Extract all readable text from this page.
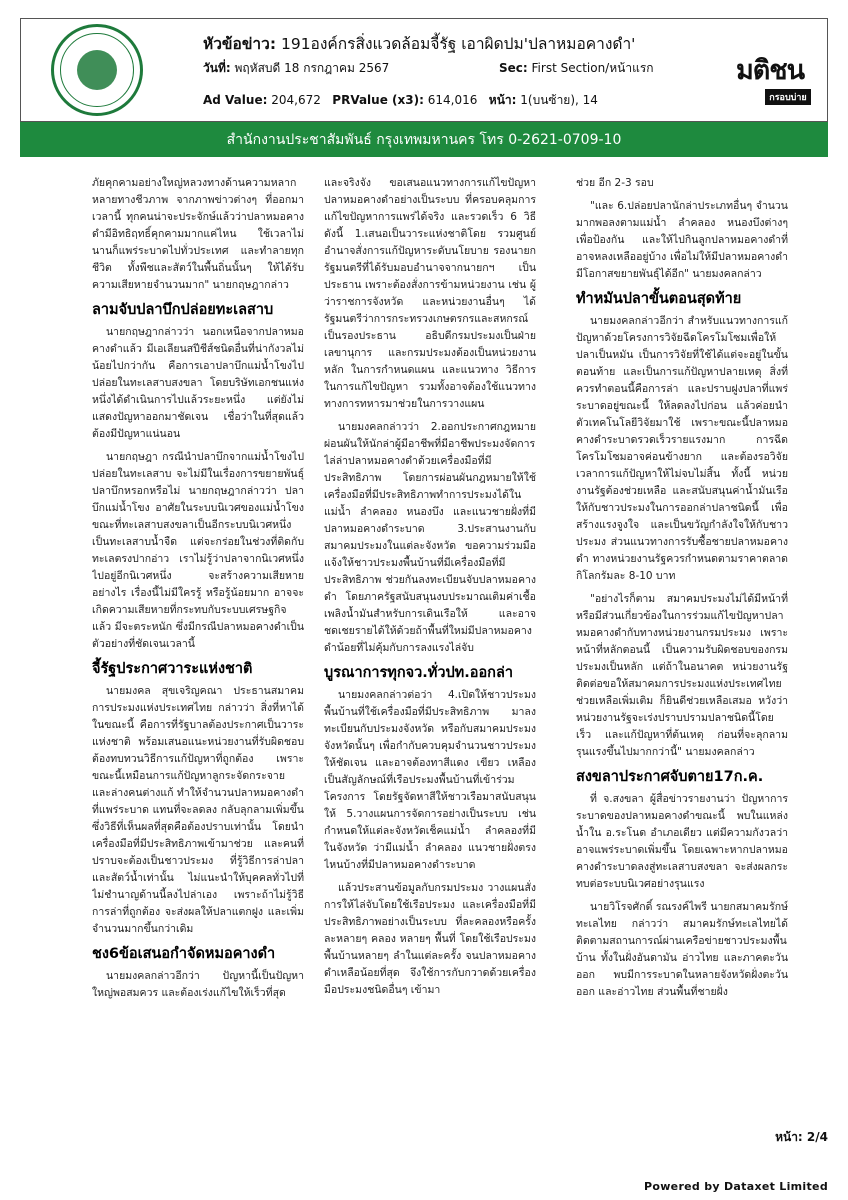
หัวข้อข่าว: 191องค์กรสิ่งแวดล้อมจี้รัฐ เอาผิดปม'ปลาหมอคางดำ'
วันที่: พฤหัสบดี 18 กรกฎาคม 2567	Sec: First Section/หน้าแรก
Ad Value: 204,672 PRValue (x3): 614,016 หน้า: 1(บนซ้าย), 14
มติชน
กรอบบ่าย
สำนักงานประชาสัมพันธ์ กรุงเทพมหานคร โทร 0-2621-0709-10
ภัยคุกคามอย่างใหญ่หลวงทางด้านความหลากหลายทางชีวภาพ จากภาพข่าวต่างๆ ที่ออกมาเวลานี้ ทุกคนน่าจะประจักษ์แล้วว่าปลาหมอคางดำมีอิทธิฤทธิ์คุกคามมากแค่ไหน ใช้เวลาไม่นานก็แพร่ระบาดไปทั่วประเทศ และทำลายทุกชีวิต ทั้งพืชและสัตว์ในพื้นถิ่นนั้นๆ ให้ได้รับความเสียหายจำนวนมาก" นายกฤษฎากล่าว
ลามจับปลาบึกปล่อยทะเลสาบ
นายกฤษฎากล่าวว่า นอกเหนือจากปลาหมอคางดำแล้ว มีเอเลียนสปีชีส์ชนิดอื่นที่น่ากังวลไม่น้อยไปกว่ากัน คือการเอาปลาบึกแม่น้ำโขงไปปล่อยในทะเลสาบสงขลา โดยบริษัทเอกชนแห่งหนึ่งได้ดำเนินการไปแล้วระยะหนึ่ง แต่ยังไม่แสดงปัญหาออกมาชัดเจน เชื่อว่าในที่สุดแล้วต้องมีปัญหาแน่นอน
นายกฤษฎา กรณีนำปลาบึกจากแม่น้ำโขงไปปล่อยในทะเลสาบ จะไม่มีในเรื่องการขยายพันธุ์ปลาบึกหรอกหรือไม่ นายกฤษฎากล่าวว่า ปลาบึกแม่น้ำโขง อาศัยในระบบนิเวศของแม่น้ำโขง ขณะที่ทะเลสาบสงขลาเป็นอีกระบบนิเวศหนึ่ง เป็นทะเลสาบน้ำจืด แต่จะกร่อยในช่วงที่ติดกับทะเลตรงปากอ่าว เราไม่รู้ว่าปลาจากนิเวศหนึ่งไปอยู่อีกนิเวศหนึ่ง จะสร้างความเสียหายอย่างไร เรื่องนี้ไม่มีใครรู้ หรือรู้น้อยมาก อาจจะเกิดความเสียหายที่กระทบกับระบบเศรษฐกิจแล้ว มีจะตระหนัก ซึ่งมีกรณีปลาหมอคางดำเป็นตัวอย่างที่ชัดเจนเวลานี้
จี้รัฐประกาศวาระแห่งชาติ
นายมงคล สุขเจริญคณา ประธานสมาคมการประมงแห่งประเทศไทย กล่าวว่า สิ่งที่หาได้ในขณะนี้ คือการที่รัฐบาลต้องประกาศเป็นวาระแห่งชาติ พร้อมเสนอแนะหน่วยงานที่รับผิดชอบ ต้องทบทวนวิธีการแก้ปัญหาที่ถูกต้อง เพราะขณะนี้เหมือนการแก้ปัญหาลูกระจัดกระจาย และล่างคนต่างแก้ ทำให้จำนวนปลาหมอคางดำที่แพร่ระบาด แทนที่จะลดลง กลับลุกลามเพิ่มขึ้น ซึ่งวิธีที่เห็นผลที่สุดคือต้องปราบเท่านั้น โดยนำเครื่องมือที่มีประสิทธิภาพเข้ามาช่วย และคนที่ปราบจะต้องเป็นชาวประมง ที่รู้วิธีการล่าปลา และสัตว์น้ำเท่านั้น ไม่แนะนำให้บุคคลทั่วไปที่ไม่ชำนาญด้านนี้ลงไปล่าเอง เพราะถ้าไม่รู้วิธีการล่าที่ถูกต้อง จะส่งผลให้ปลาแตกฝูง และเพิ่มจำนวนมากขึ้นกว่าเดิม
ชง6ข้อเสนอกำจัดหมอคางดำ
นายมงคลกล่าวอีกว่า ปัญหานี้เป็นปัญหาใหญ่พอสมควร และต้องเร่งแก้ไขให้เร็วที่สุด
และจริงจัง ขอเสนอแนวทางการแก้ไขปัญหาปลาหมอคางดำอย่างเป็นระบบ ที่ครอบคลุมการแก้ไขปัญหาการแพร่ได้จริง และรวดเร็ว 6 วิธี ดังนี้ 1.เสนอเป็นวาระแห่งชาติโดย รวมศูนย์อำนาจสั่งการแก้ปัญหาระดับนโยบาย รองนายกรัฐมนตรีที่ได้รับมอบอำนาจจากนายกฯ เป็นประธาน เพราะต้องสั่งการข้ามหน่วยงาน เช่น ผู้ว่าราชการจังหวัด และหน่วยงานอื่นๆ ได้ รัฐมนตรีว่าการกระทรวงเกษตรกรและสหกรณ์เป็นรองประธาน อธิบดีกรมประมงเป็นฝ่ายเลขานุการ และกรมประมงต้องเป็นหน่วยงานหลัก ในการกำหนดแผน และแนวทาง วิธีการในการแก้ไขปัญหา รวมทั้งอาจต้องใช้แนวทางทางการทหารมาช่วยในการวางแผน
นายมงคลกล่าวว่า 2.ออกประกาศกฎหมายผ่อนผันให้นักล่าผู้มีอาชีพที่มีอาชีพประมงจัดการไล่ล่าปลาหมอคางดำด้วยเครื่องมือที่มีประสิทธิภาพ โดยการผ่อนผันกฎหมายให้ใช้เครื่องมือที่มีประสิทธิภาพทำการประมงได้ในแม่น้ำ ลำคลอง หนองบึง และแนวชายฝั่งที่มีปลาหมอคางดำระบาด 3.ประสานงานกับสมาคมประมงในแต่ละจังหวัด ขอความร่วมมือแจ้งให้ชาวประมงพื้นบ้านที่มีเครื่องมือที่มีประสิทธิภาพ ช่วยกันลงทะเบียนจับปลาหมอคางดำ โดยภาครัฐสนับสนุนงบประมาณเติมค่าเชื้อเพลิงน้ำมันสำหรับการเดินเรือให้ และอาจชดเชยรายได้ให้ด้วยถ้าพื้นที่ใหม่มีปลาหมอคางดำน้อยที่ไม่คุ้มกับการลงแรงไล่จับ
บูรณาการทุกจว.ทั่วปท.ออกล่า
นายมงคลกล่าวต่อว่า 4.เปิดให้ชาวประมงพื้นบ้านที่ใช้เครื่องมือที่มีประสิทธิภาพ มาลงทะเบียนกับประมงจังหวัด หรือกับสมาคมประมงจังหวัดนั้นๆ เพื่อกำกับควบคุมจำนวนชาวประมงให้ชัดเจน และอาจต้องทาสีแดง เขียว เหลือง เป็นสัญลักษณ์ที่เรือประมงพื้นบ้านที่เข้าร่วมโครงการ โดยรัฐจัดหาสีให้ชาวเรือมาสนับสนุนให้ 5.วางแผนการจัดการอย่างเป็นระบบ เช่น กำหนดให้แต่ละจังหวัดเช็คแม่น้ำ ลำคลองที่มีในจังหวัด ว่ามีแม่น้ำ ลำคลอง แนวชายฝั่งตรงไหนบ้างที่มีปลาหมอคางดำระบาด
แล้วประสานข้อมูลกับกรมประมง วางแผนสั่งการให้ไล่จับโดยใช้เรือประมง และเครื่องมือที่มีประสิทธิภาพอย่างเป็นระบบ ที่ละคลองหรือครั้งละหลายๆ คลอง หลายๆ พื้นที่ โดยใช้เรือประมงพื้นบ้านหลายๆ ลำในแต่ละครั้ง จนปลาหมอคางดำเหลือน้อยที่สุด จึงใช้การกับกวาดด้วยเครื่องมือประมงชนิดอื่นๆ เข้ามา
ช่วย อีก 2-3 รอบ
"และ 6.ปล่อยปลานักล่าประเภทอื่นๆ จำนวนมากพอลงตามแม่น้ำ ลำคลอง หนองบึงต่างๆ เพื่อป้องกัน และให้ไปกินลูกปลาหมอคางดำที่อาจหลงเหลืออยู่บ้าง เพื่อไม่ให้มีปลาหมอคางดำมีโอกาสขยายพันธุ์ได้อีก" นายมงคลกล่าว
ทำหมันปลาขั้นตอนสุดท้าย
นายมงคลกล่าวอีกว่า สำหรับแนวทางการแก้ปัญหาด้วยโครงการวิจัยฉีดโครโมโซมเพื่อให้ปลาเป็นหมัน เป็นการวิจัยที่ใช้ได้แต่จะอยู่ในขั้นตอนท้าย และเป็นการแก้ปัญหาปลายเหตุ สิ่งที่ควรทำตอนนี้คือการล่า และปราบฝูงปลาที่แพร่ระบาดอยู่ขณะนี้ ให้ลดลงไปก่อน แล้วค่อยนำตัวเทคโนโลยีวิจัยมาใช้ เพราะขณะนี้ปลาหมอคางดำระบาดรวดเร็วรายแรงมาก การฉีดโครโมโซมอาจค่อนข้างยาก และต้องรอวิจัยเวลาการแก้ปัญหาให้ไม่จบไม่สิ้น ทั้งนี้ หน่วยงานรัฐต้องช่วยเหลือ และสนับสนุนค่าน้ำมันเรือให้กับชาวประมงในการออกล่าปลาชนิดนี้ เพื่อสร้างแรงจูงใจ และเป็นขวัญกำลังใจให้กับชาวประมง ส่วนแนวทางการรับซื้อชายปลาหมอคางดำ ทางหน่วยงานรัฐควรกำหนดตามราคาตลาดกิโลกรัมละ 8-10 บาท
"อย่างไรก็ตาม สมาคมประมงไม่ได้มีหน้าที่หรือมีส่วนเกี่ยวข้องในการร่วมแก้ไขปัญหาปลาหมอคางดำกับทางหน่วยงานกรมประมง เพราะหน้าที่หลักตอนนี้ เป็นความรับผิดชอบของกรมประมงเป็นหลัก แต่ถ้าในอนาคต หน่วยงานรัฐติดต่อขอให้สมาคมการประมงแห่งประเทศไทยช่วยเหลือเพิ่มเติม ก็ยินดีช่วยเหลือเสมอ หวังว่าหน่วยงานรัฐจะเร่งปราบปรามปลาชนิดนี้โดยเร็ว และแก้ปัญหาที่ต้นเหตุ ก่อนที่จะลุกลามรุนแรงขึ้นไปมากกว่านี้" นายมงคลกล่าว
สงขลาประกาศจับตาย17ก.ค.
ที่ จ.สงขลา ผู้สื่อข่าวรายงานว่า ปัญหาการระบาดของปลาหมอคางดำขณะนี้ พบในแหล่งน้ำใน อ.ระโนด อำเภอเดียว แต่มีความกังวลว่าอาจแพร่ระบาดเพิ่มขึ้น โดยเฉพาะหากปลาหมอคางดำระบาดลงสู่ทะเลสาบสงขลา จะส่งผลกระทบต่อระบบนิเวศอย่างรุนแรง
นายวิโรจศักดิ์ รณรงค์ไพรี นายกสมาคมรักษ์ทะเลไทย กล่าวว่า สมาคมรักษ์ทะเลไทยได้ติดตามสถานการณ์ผ่านเครือข่ายชาวประมงพื้นบ้าน ทั้งในฝั่งอันดามัน อ่าวไทย และภาคตะวันออก พบมีการระบาดในหลายจังหวัดฝั่งตะวันออก และอ่าวไทย ส่วนพื้นที่ชายฝั่ง
หน้า: 2/4
Powered by Dataxet Limited
